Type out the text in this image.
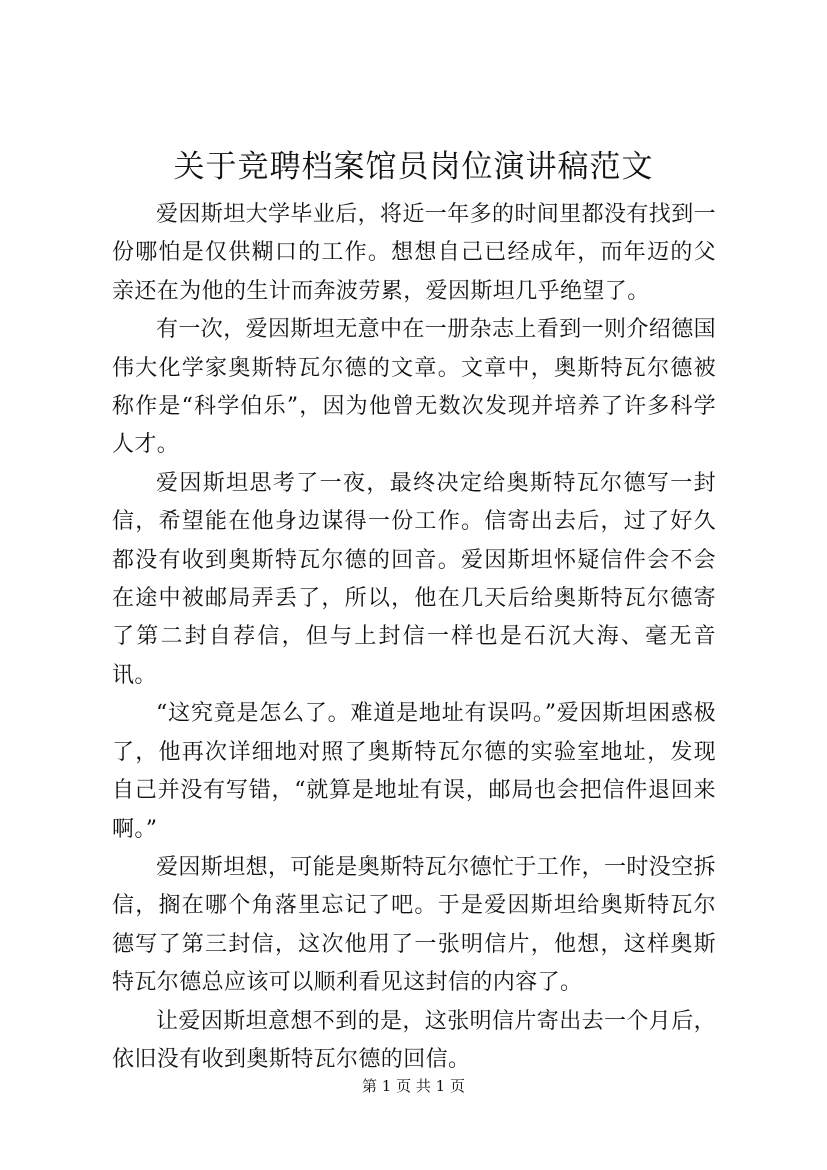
关于竞聘档案馆员岗位演讲稿范文

爱因斯坦大学毕业后，将近一年多的时间里都没有找到一份哪怕是仅供糊口的工作。想想自己已经成年，而年迈的父亲还在为他的生计而奔波劳累，爱因斯坦几乎绝望了。

有一次，爱因斯坦无意中在一册杂志上看到一则介绍德国伟大化学家奥斯特瓦尔德的文章。文章中，奥斯特瓦尔德被称作是“科学伯乐”，因为他曾无数次发现并培养了许多科学人才。

爱因斯坦思考了一夜，最终决定给奥斯特瓦尔德写一封信，希望能在他身边谋得一份工作。信寄出去后，过了好久都没有收到奥斯特瓦尔德的回音。爱因斯坦怀疑信件会不会在途中被邮局弄丢了，所以，他在几天后给奥斯特瓦尔德寄了第二封自荐信，但与上封信一样也是石沉大海、毫无音讯。

“这究竟是怎么了。难道是地址有误吗。”爱因斯坦困惑极了，他再次详细地对照了奥斯特瓦尔德的实验室地址，发现自己并没有写错，“就算是地址有误，邮局也会把信件退回来啊。”

爱因斯坦想，可能是奥斯特瓦尔德忙于工作，一时没空拆信，搁在哪个角落里忘记了吧。于是爱因斯坦给奥斯特瓦尔德写了第三封信，这次他用了一张明信片，他想，这样奥斯特瓦尔德总应该可以顺利看见这封信的内容了。

让爱因斯坦意想不到的是，这张明信片寄出去一个月后，依旧没有收到奥斯特瓦尔德的回信。

第 1 页 共 1 页
